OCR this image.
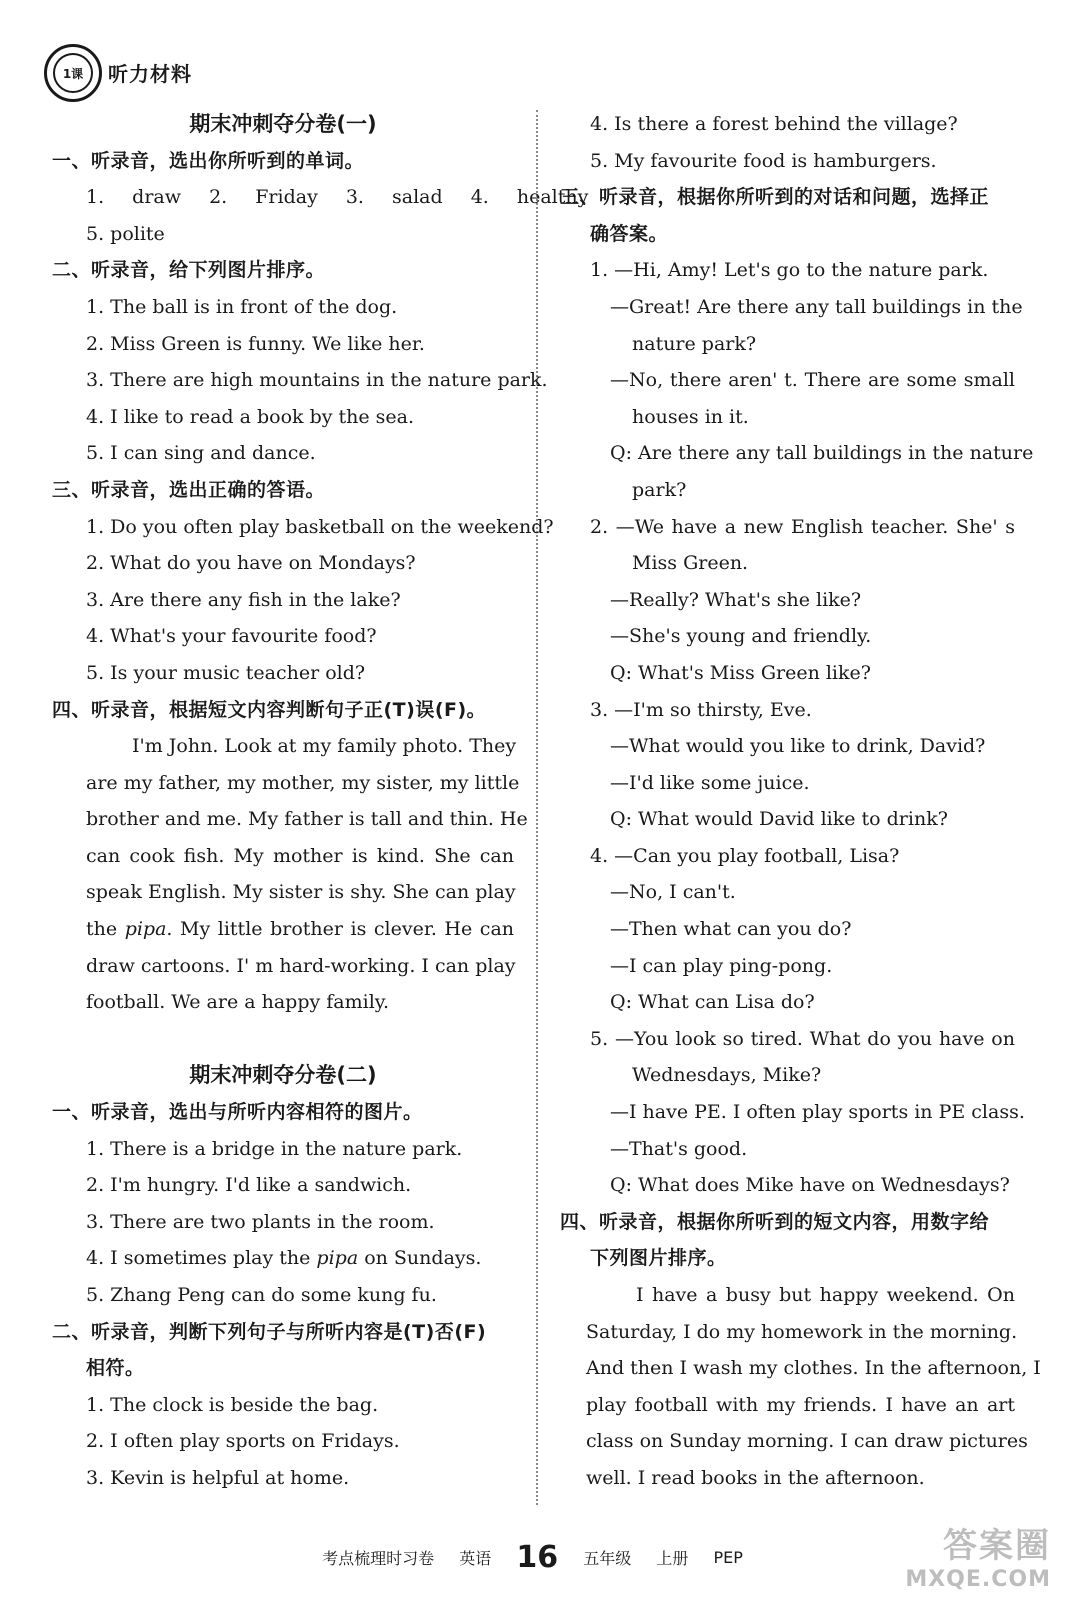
1课	听力材料
期末冲刺夺分卷(一)
一、听录音，选出你所听到的单词。
1. draw 2. Friday 3. salad 4. healthy
5. polite
二、听录音，给下列图片排序。
1. The ball is in front of the dog.
2. Miss Green is funny. We like her.
3. There are high mountains in the nature park.
4. I like to read a book by the sea.
5. I can sing and dance.
三、听录音，选出正确的答语。
1. Do you often play basketball on the weekend?
2. What do you have on Mondays?
3. Are there any fish in the lake?
4. What's your favourite food?
5. Is your music teacher old?
四、听录音，根据短文内容判断句子正(T)误(F)。
I'm John. Look at my family photo. They
are my father, my mother, my sister, my little
brother and me. My father is tall and thin. He
can cook fish. My mother is kind. She can
speak English. My sister is shy. She can play
the pipa. My little brother is clever. He can
draw cartoons. I' m hard-working. I can play
football. We are a happy family.
期末冲刺夺分卷(二)
一、听录音，选出与所听内容相符的图片。
1. There is a bridge in the nature park.
2. I'm hungry. I'd like a sandwich.
3. There are two plants in the room.
4. I sometimes play the pipa on Sundays.
5. Zhang Peng can do some kung fu.
二、听录音，判断下列句子与所听内容是(T)否(F)
相符。
1. The clock is beside the bag.
2. I often play sports on Fridays.
3. Kevin is helpful at home.
4. Is there a forest behind the village?
5. My favourite food is hamburgers.
三、听录音，根据你所听到的对话和问题，选择正
确答案。
1. —Hi, Amy! Let's go to the nature park.
—Great! Are there any tall buildings in the
nature park?
—No, there aren' t. There are some small
houses in it.
Q: Are there any tall buildings in the nature
park?
2. —We have a new English teacher. She' s
Miss Green.
—Really? What's she like?
—She's young and friendly.
Q: What's Miss Green like?
3. —I'm so thirsty, Eve.
—What would you like to drink, David?
—I'd like some juice.
Q: What would David like to drink?
4. —Can you play football, Lisa?
—No, I can't.
—Then what can you do?
—I can play ping-pong.
Q: What can Lisa do?
5. —You look so tired. What do you have on
Wednesdays, Mike?
—I have PE. I often play sports in PE class.
—That's good.
Q: What does Mike have on Wednesdays?
四、听录音，根据你所听到的短文内容，用数字给
下列图片排序。
I have a busy but happy weekend. On
Saturday, I do my homework in the morning.
And then I wash my clothes. In the afternoon, I
play football with my friends. I have an art
class on Sunday morning. I can draw pictures
well. I read books in the afternoon.
考点梳理时习卷 英语 16 五年级 上册 PEP	答案圈
MXQE.COM
